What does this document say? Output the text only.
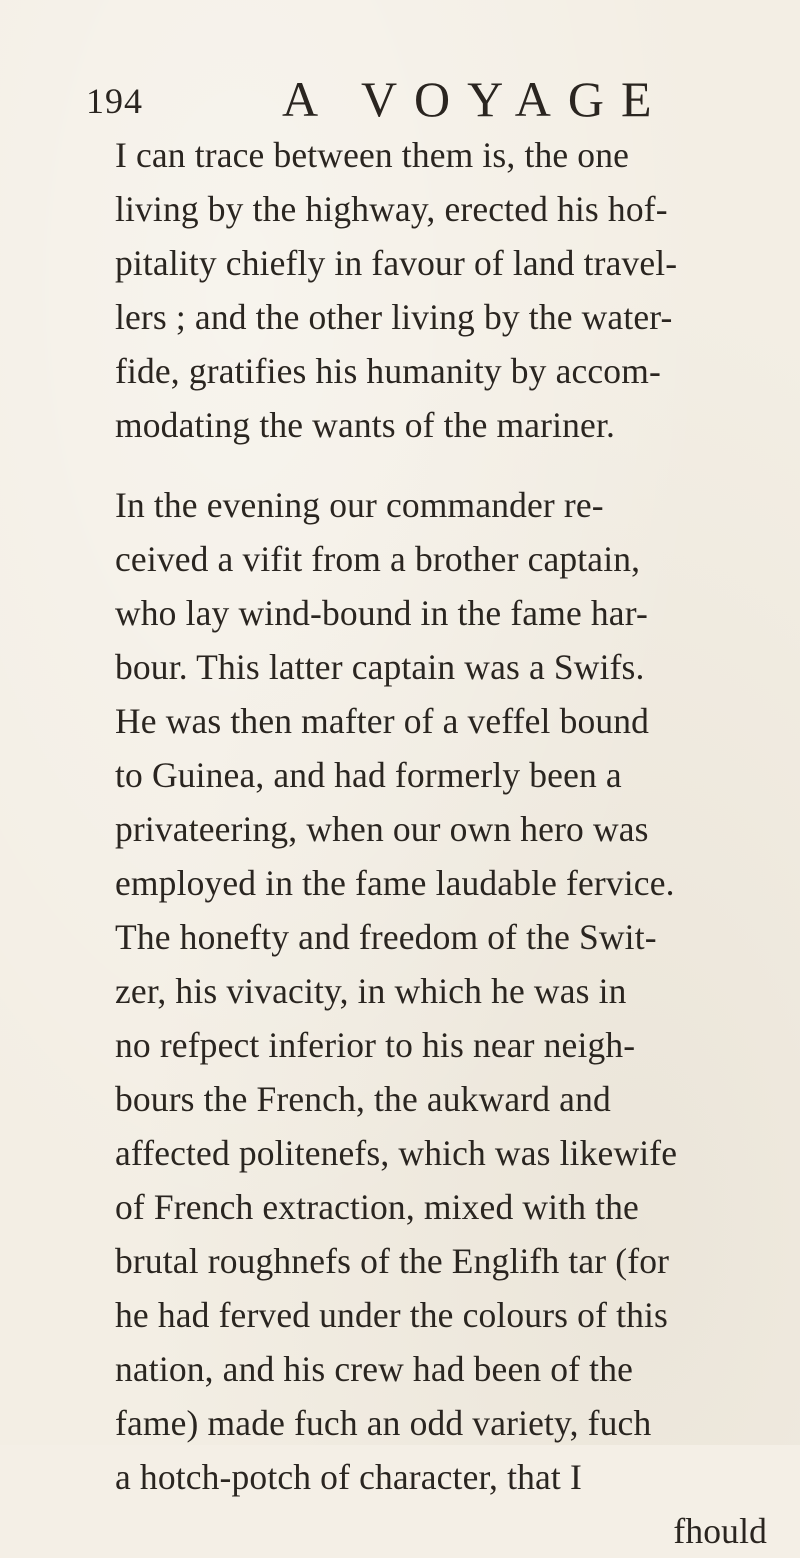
194	A VOYAGE
I can trace between them is, the one
living by the highway, erected his hof-
pitality chiefly in favour of land travel-
lers ; and the other living by the water-
fide, gratifies his humanity by accom-
modating the wants of the mariner.
In the evening our commander re-
ceived a vifit from a brother captain,
who lay wind-bound in the fame har-
bour. This latter captain was a Swifs.
He was then mafter of a veffel bound
to Guinea, and had formerly been a
privateering, when our own hero was
employed in the fame laudable fervice.
The honefty and freedom of the Swit-
zer, his vivacity, in which he was in
no refpect inferior to his near neigh-
bours the French, the aukward and
affected politenefs, which was likewife
of French extraction, mixed with the
brutal roughnefs of the Englifh tar (for
he had ferved under the colours of this
nation, and his crew had been of the
fame) made fuch an odd variety, fuch
a hotch-potch of character, that I
fhould
